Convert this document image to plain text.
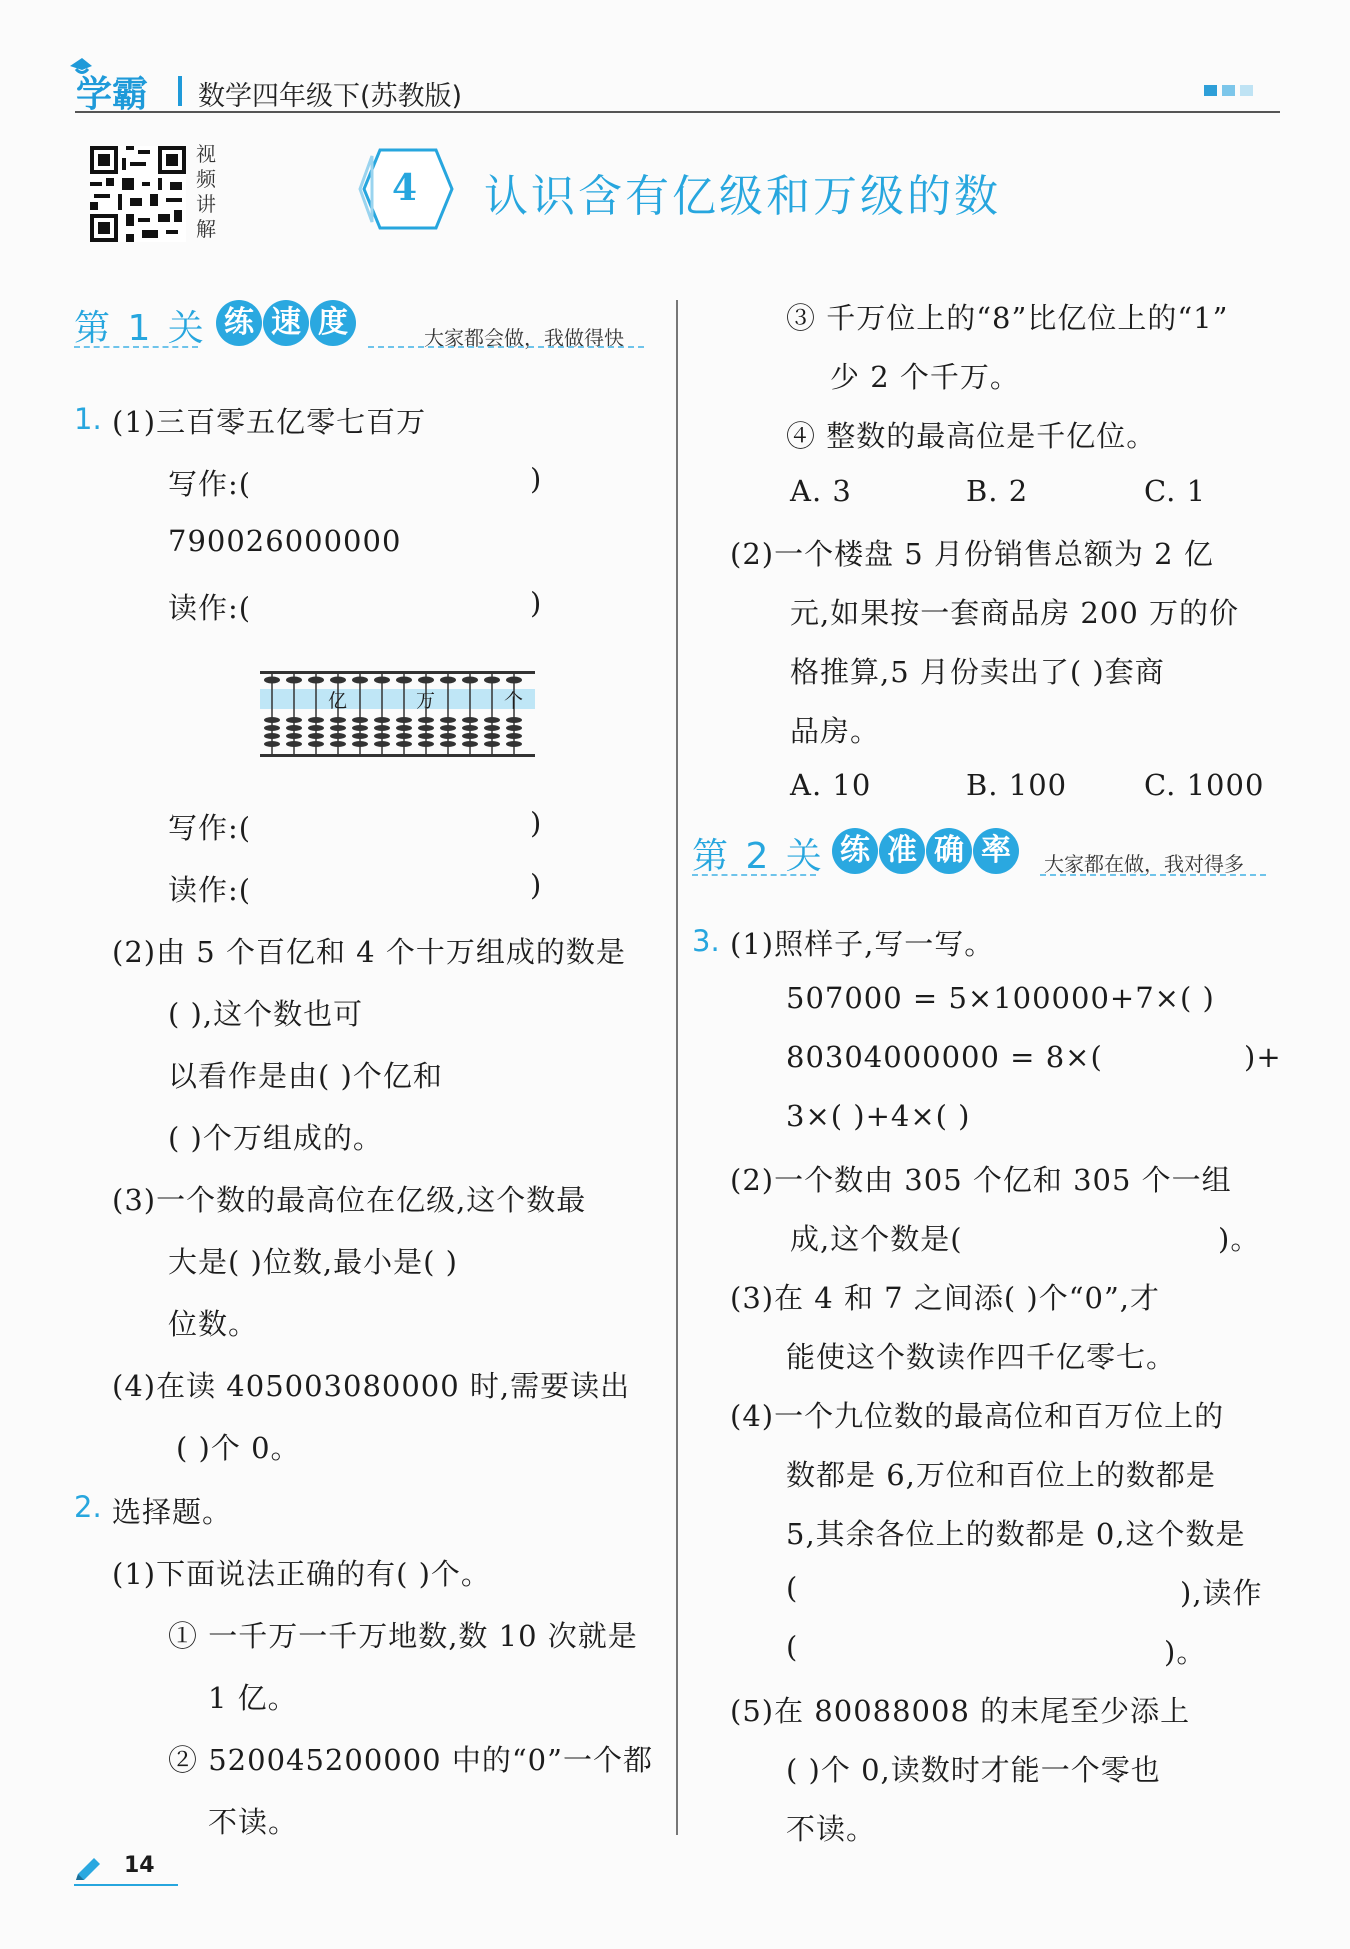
学霸 数学四年级下(苏教版)
视频讲解
4 认识含有亿级和万级的数
第 1 关 练 速 度	大家都会做，我做得快
1. (1)三百零五亿零七百万
写作:(	)
790026000000
读作:(	)
亿	万	个
写作:(	)
读作:(	)
(2)由 5 个百亿和 4 个十万组成的数是
( ),这个数也可
以看作是由( )个亿和
( )个万组成的。
(3)一个数的最高位在亿级,这个数最
大是( )位数,最小是( )
位数。
(4)在读 405003080000 时,需要读出
( )个 0。
2. 选择题。
(1)下面说法正确的有( )个。
① 一千万一千万地数,数 10 次就是
1 亿。
② 520045200000 中的“0”一个都
不读。
③ 千万位上的“8”比亿位上的“1”
少 2 个千万。
④ 整数的最高位是千亿位。
A. 3	B. 2	C. 1
(2)一个楼盘 5 月份销售总额为 2 亿
元,如果按一套商品房 200 万的价
格推算,5 月份卖出了( )套商
品房。
A. 10	B. 100	C. 1000
第 2 关 练 准 确 率	大家都在做，我对得多
3. (1)照样子,写一写。
507000 = 5×100000+7×( )
80304000000 = 8×(	)+
3×( )+4×( )
(2)一个数由 305 个亿和 305 个一组
成,这个数是(	)。
(3)在 4 和 7 之间添( )个“0”,才
能使这个数读作四千亿零七。
(4)一个九位数的最高位和百万位上的
数都是 6,万位和百位上的数都是
5,其余各位上的数都是 0,这个数是
(	),读作
(	)。
(5)在 80088008 的末尾至少添上
( )个 0,读数时才能一个零也
不读。
14
